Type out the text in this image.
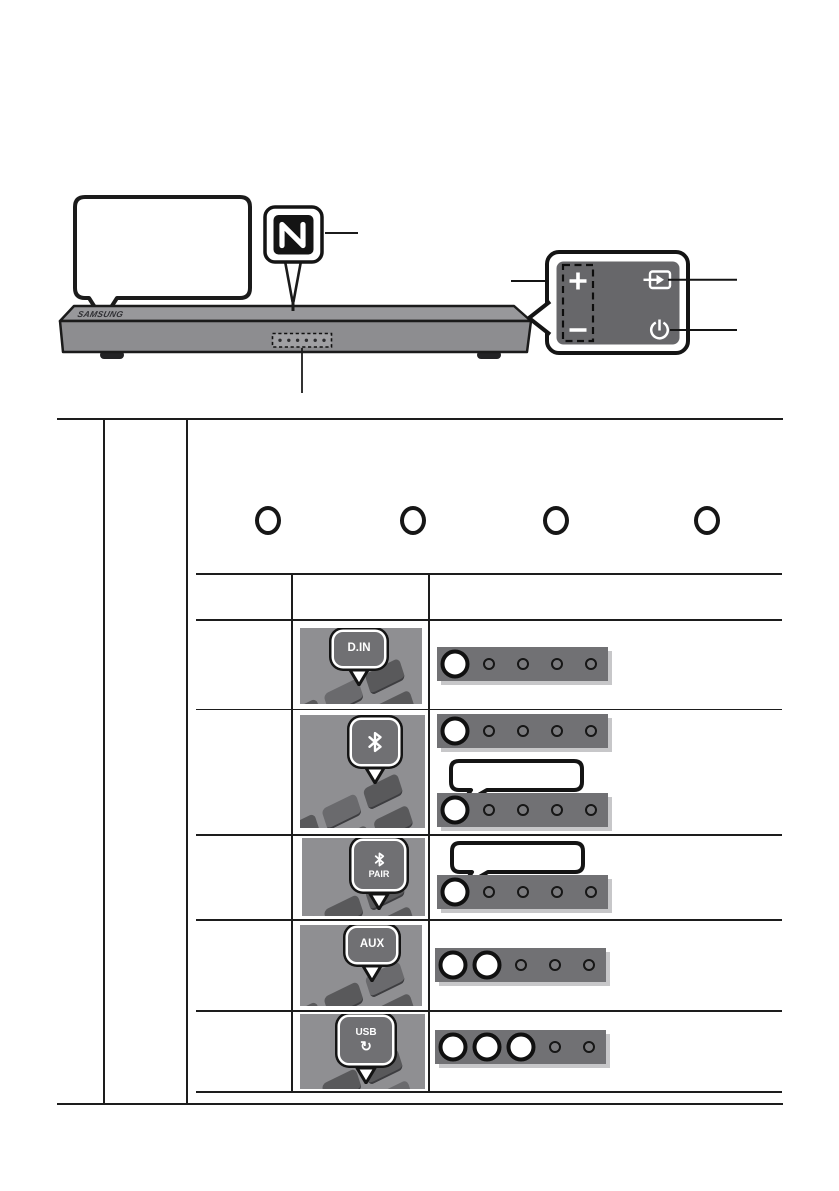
SAMSUNG

D.IN

PAIR

AUX

USB
↻
